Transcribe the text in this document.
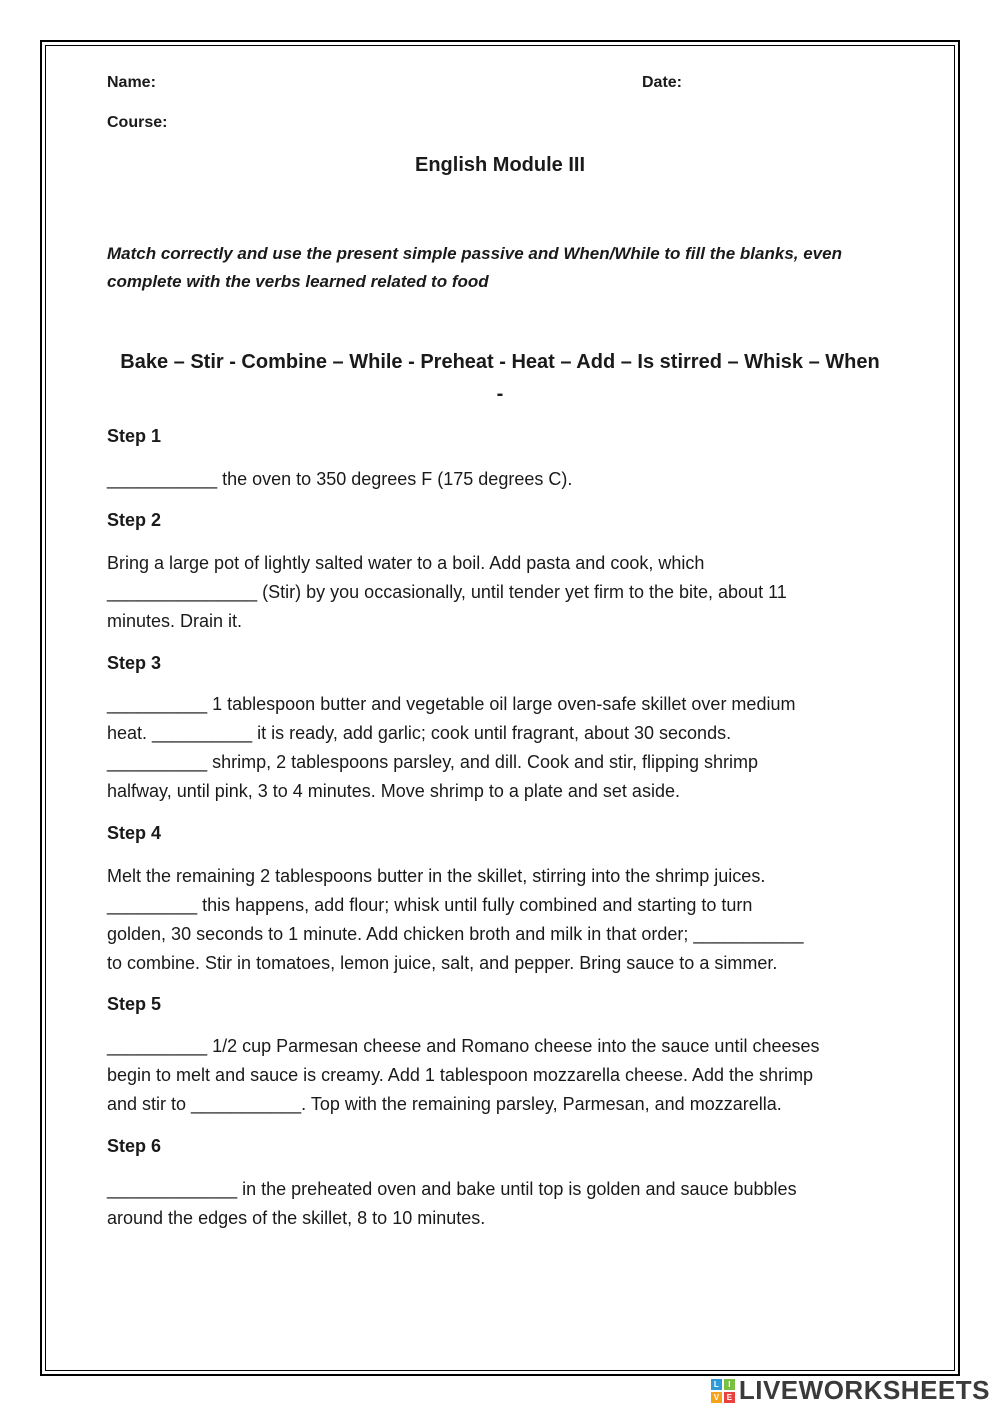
Name:	Date:
Course:
English Module III
Match correctly and use the present simple passive and When/While to fill the blanks, even
complete with the verbs learned related to food
Bake – Stir - Combine – While - Preheat - Heat – Add – Is stirred – Whisk – When
-
Step 1
___________ the oven to 350 degrees F (175 degrees C).
Step 2
Bring a large pot of lightly salted water to a boil. Add pasta and cook, which
_______________ (Stir) by you occasionally, until tender yet firm to the bite, about 11
minutes. Drain it.
Step 3
__________ 1 tablespoon butter and vegetable oil large oven-safe skillet over medium
heat. __________ it is ready, add garlic; cook until fragrant, about 30 seconds.
__________ shrimp, 2 tablespoons parsley, and dill. Cook and stir, flipping shrimp
halfway, until pink, 3 to 4 minutes. Move shrimp to a plate and set aside.
Step 4
Melt the remaining 2 tablespoons butter in the skillet, stirring into the shrimp juices.
_________ this happens, add flour; whisk until fully combined and starting to turn
golden, 30 seconds to 1 minute. Add chicken broth and milk in that order; ___________
to combine. Stir in tomatoes, lemon juice, salt, and pepper. Bring sauce to a simmer.
Step 5
__________ 1/2 cup Parmesan cheese and Romano cheese into the sauce until cheeses
begin to melt and sauce is creamy. Add 1 tablespoon mozzarella cheese. Add the shrimp
and stir to ___________. Top with the remaining parsley, Parmesan, and mozzarella.
Step 6
_____________ in the preheated oven and bake until top is golden and sauce bubbles
around the edges of the skillet, 8 to 10 minutes.
L	I
V E LIVEWORKSHEETS
